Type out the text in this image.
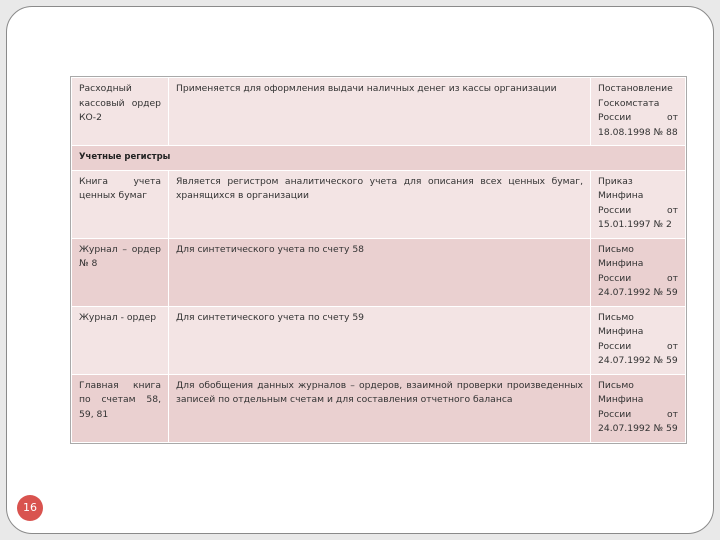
Расходный кассовый ордер КО-2	Применяется для оформления выдачи наличных денег из кассы организации	Постановление Госкомстата России от 18.08.1998 № 88
Учетные регистры		
Книга учета ценных бумаг	Является регистром аналитического учета для описания всех ценных бумаг, хранящихся в организации	Приказ Минфина России от 15.01.1997 № 2
Журнал – ордер № 8	Для синтетического учета по счету 58	Письмо Минфина России от 24.07.1992 № 59
Журнал - ордер	Для синтетического учета по счету 59	Письмо Минфина России от 24.07.1992 № 59
Главная книга по счетам 58, 59, 81	Для обобщения данных журналов – ордеров, взаимной проверки произведенных записей по отдельным счетам и для составления отчетного баланса	Письмо Минфина России от 24.07.1992 № 59
16
